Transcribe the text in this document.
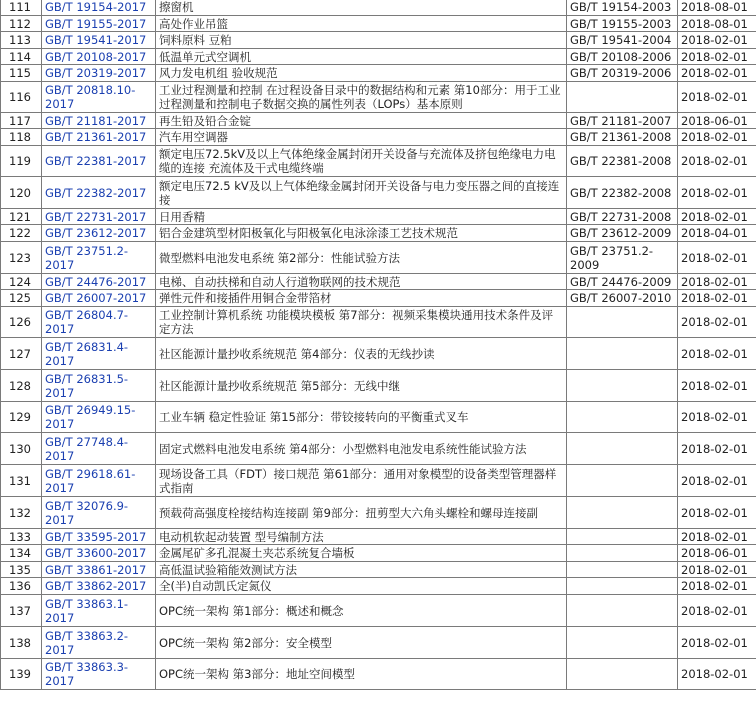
111	GB/T 19154-2017	擦窗机	GB/T 19154-2003	2018-08-01
112	GB/T 19155-2017	高处作业吊篮	GB/T 19155-2003	2018-08-01
113	GB/T 19541-2017	饲料原料 豆粕	GB/T 19541-2004	2018-02-01
114	GB/T 20108-2017	低温单元式空调机	GB/T 20108-2006	2018-02-01
115	GB/T 20319-2017	风力发电机组 验收规范	GB/T 20319-2006	2018-02-01
116	GB/T 20818.10-2017	工业过程测量和控制 在过程设备目录中的数据结构和元素 第10部分：用于工业过程测量和控制电子数据交换的属性列表（LOPs）基本原则		2018-02-01
117	GB/T 21181-2017	再生铅及铅合金锭	GB/T 21181-2007	2018-06-01
118	GB/T 21361-2017	汽车用空调器	GB/T 21361-2008	2018-02-01
119	GB/T 22381-2017	额定电压72.5kV及以上气体绝缘金属封闭开关设备与充流体及挤包绝缘电力电缆的连接 充流体及干式电缆终端	GB/T 22381-2008	2018-02-01
120	GB/T 22382-2017	额定电压72.5 kV及以上气体绝缘金属封闭开关设备与电力变压器之间的直接连接	GB/T 22382-2008	2018-02-01
121	GB/T 22731-2017	日用香精	GB/T 22731-2008	2018-02-01
122	GB/T 23612-2017	铝合金建筑型材阳极氧化与阳极氧化电泳涂漆工艺技术规范	GB/T 23612-2009	2018-04-01
123	GB/T 23751.2-2017	微型燃料电池发电系统 第2部分：性能试验方法	GB/T 23751.2-2009	2018-02-01
124	GB/T 24476-2017	电梯、自动扶梯和自动人行道物联网的技术规范	GB/T 24476-2009	2018-02-01
125	GB/T 26007-2017	弹性元件和接插件用铜合金带箔材	GB/T 26007-2010	2018-02-01
126	GB/T 26804.7-2017	工业控制计算机系统 功能模块模板 第7部分：视频采集模块通用技术条件及评定方法		2018-02-01
127	GB/T 26831.4-2017	社区能源计量抄收系统规范 第4部分：仪表的无线抄读		2018-02-01
128	GB/T 26831.5-2017	社区能源计量抄收系统规范 第5部分：无线中继		2018-02-01
129	GB/T 26949.15-2017	工业车辆 稳定性验证 第15部分：带铰接转向的平衡重式叉车		2018-02-01
130	GB/T 27748.4-2017	固定式燃料电池发电系统 第4部分：小型燃料电池发电系统性能试验方法		2018-02-01
131	GB/T 29618.61-2017	现场设备工具（FDT）接口规范 第61部分：通用对象模型的设备类型管理器样式指南		2018-02-01
132	GB/T 32076.9-2017	预载荷高强度栓接结构连接副 第9部分：扭剪型大六角头螺栓和螺母连接副		2018-02-01
133	GB/T 33595-2017	电动机软起动装置 型号编制方法		2018-02-01
134	GB/T 33600-2017	金属尾矿多孔混凝土夹芯系统复合墙板		2018-06-01
135	GB/T 33861-2017	高低温试验箱能效测试方法		2018-02-01
136	GB/T 33862-2017	全(半)自动凯氏定氮仪		2018-02-01
137	GB/T 33863.1-2017	OPC统一架构 第1部分：概述和概念		2018-02-01
138	GB/T 33863.2-2017	OPC统一架构 第2部分：安全模型		2018-02-01
139	GB/T 33863.3-2017	OPC统一架构 第3部分：地址空间模型		2018-02-01
